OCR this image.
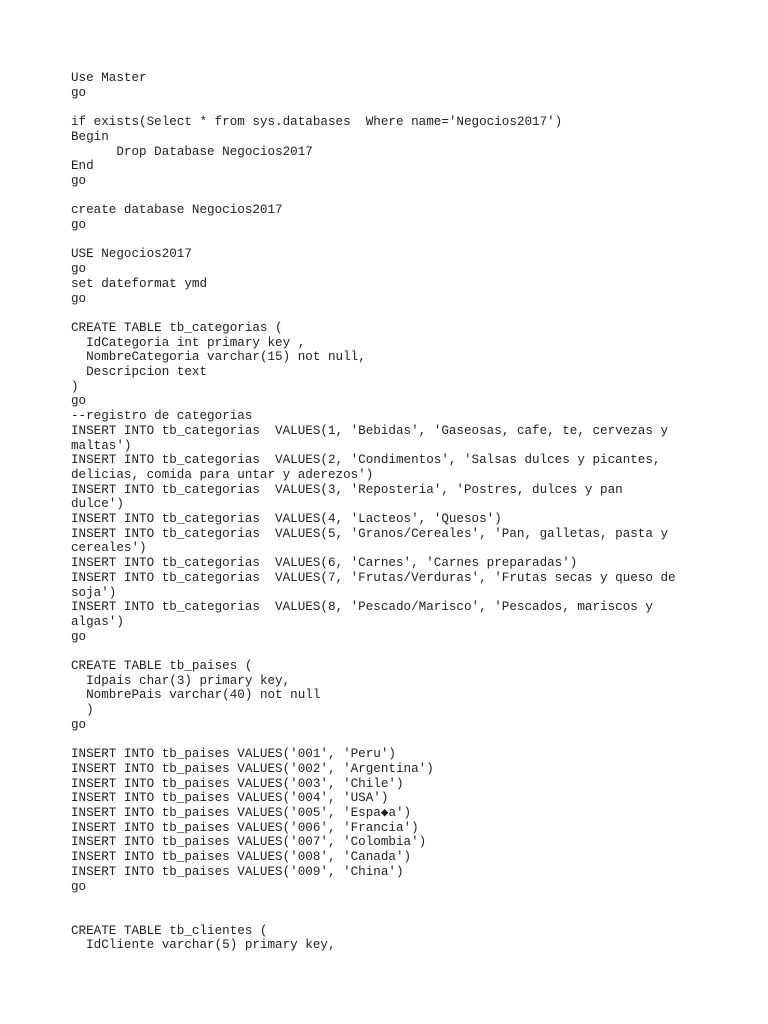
Use Master
go
if exists(Select * from sys.databases  Where name='Negocios2017')
Begin
Drop Database Negocios2017
End
go
create database Negocios2017
go
USE Negocios2017
go
set dateformat ymd
go
CREATE TABLE tb_categorias (
IdCategoria int primary key ,
NombreCategoria varchar(15) not null,
Descripcion text
)
go
--registro de categorias
INSERT INTO tb_categorias  VALUES(1, 'Bebidas', 'Gaseosas, cafe, te, cervezas y maltas')
INSERT INTO tb_categorias  VALUES(2, 'Condimentos', 'Salsas dulces y picantes, delicias, comida para untar y aderezos')
INSERT INTO tb_categorias  VALUES(3, 'Reposteria', 'Postres, dulces y pan dulce')
INSERT INTO tb_categorias  VALUES(4, 'Lacteos', 'Quesos')
INSERT INTO tb_categorias  VALUES(5, 'Granos/Cereales', 'Pan, galletas, pasta y cereales')
INSERT INTO tb_categorias  VALUES(6, 'Carnes', 'Carnes preparadas')
INSERT INTO tb_categorias  VALUES(7, 'Frutas/Verduras', 'Frutas secas y queso de soja')
INSERT INTO tb_categorias  VALUES(8, 'Pescado/Marisco', 'Pescados, mariscos y algas')
go
CREATE TABLE tb_paises (
Idpais char(3) primary key,
NombrePais varchar(40) not null
)
go
INSERT INTO tb_paises VALUES('001', 'Peru')
INSERT INTO tb_paises VALUES('002', 'Argentina')
INSERT INTO tb_paises VALUES('003', 'Chile')
INSERT INTO tb_paises VALUES('004', 'USA')
INSERT INTO tb_paises VALUES('005', 'Espa◆a')
INSERT INTO tb_paises VALUES('006', 'Francia')
INSERT INTO tb_paises VALUES('007', 'Colombia')
INSERT INTO tb_paises VALUES('008', 'Canada')
INSERT INTO tb_paises VALUES('009', 'China')
go
CREATE TABLE tb_clientes (
IdCliente varchar(5) primary key,
